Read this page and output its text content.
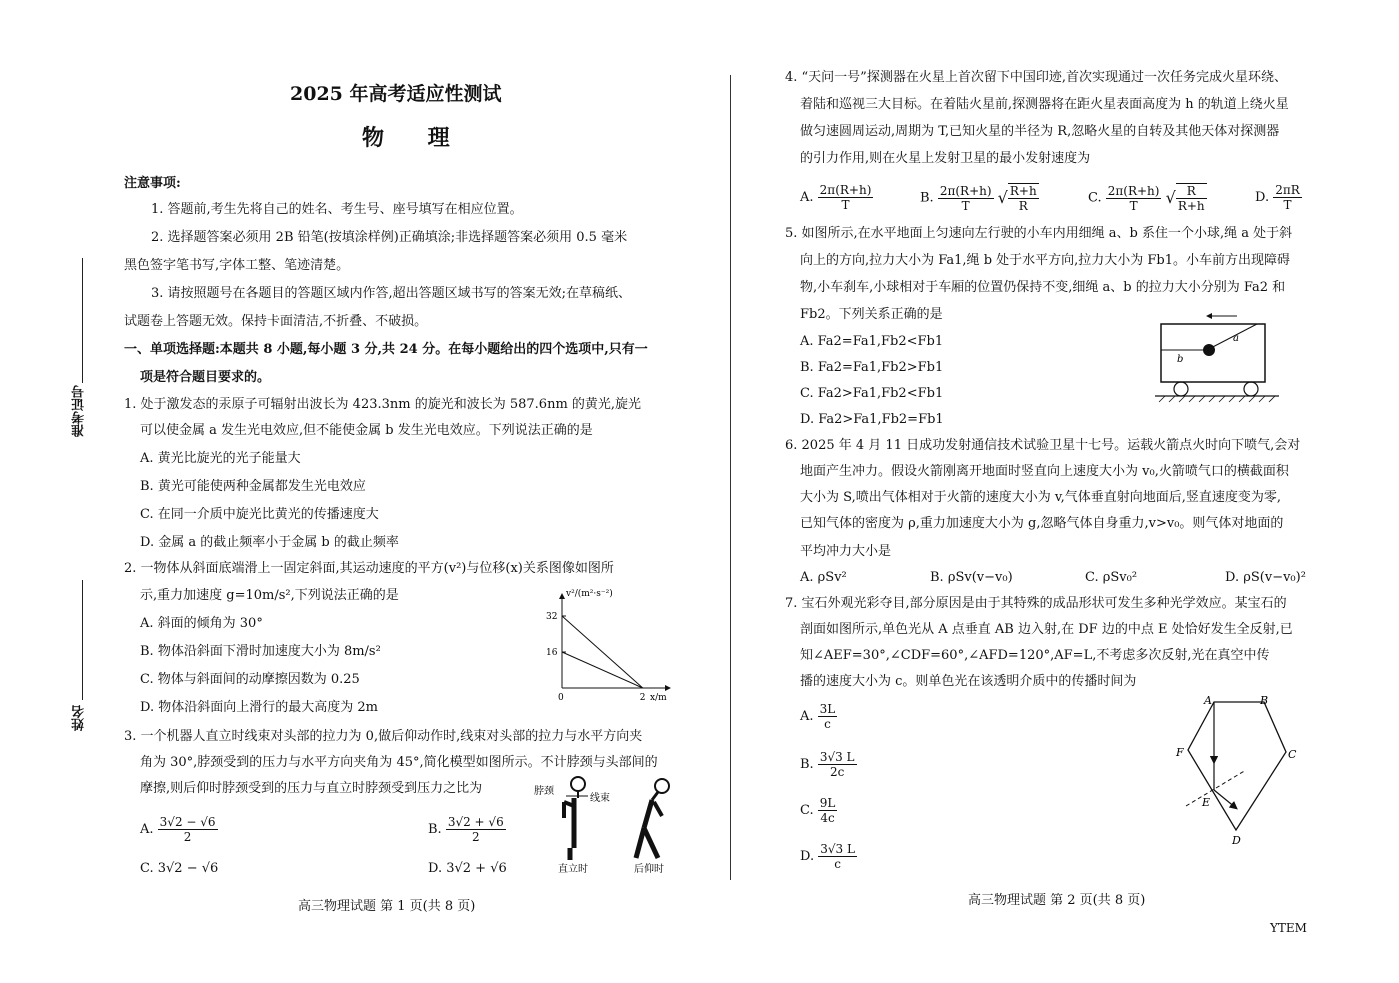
准考证号
姓名
2025 年高考适应性测试
物 理
注意事项:
1. 答题前,考生先将自己的姓名、考生号、座号填写在相应位置。
2. 选择题答案必须用 2B 铅笔(按填涂样例)正确填涂;非选择题答案必须用 0.5 毫米
黑色签字笔书写,字体工整、笔迹清楚。
3. 请按照题号在各题目的答题区域内作答,超出答题区域书写的答案无效;在草稿纸、
试题卷上答题无效。保持卡面清洁,不折叠、不破损。
一、单项选择题:本题共 8 小题,每小题 3 分,共 24 分。在每小题给出的四个选项中,只有一
项是符合题目要求的。
1. 处于激发态的汞原子可辐射出波长为 423.3nm 的旋光和波长为 587.6nm 的黄光,旋光
可以使金属 a 发生光电效应,但不能使金属 b 发生光电效应。下列说法正确的是
A. 黄光比旋光的光子能量大
B. 黄光可能使两种金属都发生光电效应
C. 在同一介质中旋光比黄光的传播速度大
D. 金属 a 的截止频率小于金属 b 的截止频率
2. 一物体从斜面底端滑上一固定斜面,其运动速度的平方(v²)与位移(x)关系图像如图所
示,重力加速度 g=10m/s²,下列说法正确的是
A. 斜面的倾角为 30°
B. 物体沿斜面下滑时加速度大小为 8m/s²
C. 物体与斜面间的动摩擦因数为 0.25
D. 物体沿斜面向上滑行的最大高度为 2m
v²/(m²·s⁻²)
x/m
0
16
32
2
3. 一个机器人直立时线束对头部的拉力为 0,做后仰动作时,线束对头部的拉力与水平方向夹
角为 30°,脖颈受到的压力与水平方向夹角为 45°,简化模型如图所示。不计脖颈与头部间的
摩擦,则后仰时脖颈受到的压力与直立时脖颈受到压力之比为
A. $\frac{3√2 - √6}{2}$	B. $\frac{3√2 + √6}{2}$
C. 3√2 − √6	D. 3√2 + √6
脖颈
线束
直立时	后仰时
高三物理试题 第 1 页(共 8 页)
4. “天问一号”探测器在火星上首次留下中国印迹,首次实现通过一次任务完成火星环绕、
着陆和巡视三大目标。在着陆火星前,探测器将在距火星表面高度为 h 的轨道上绕火星
做匀速圆周运动,周期为 T,已知火星的半径为 R,忽略火星的自转及其他天体对探测器
的引力作用,则在火星上发射卫星的最小发射速度为
A. $\frac{2\pi(R+h)}{T}$	B. $\frac{2\pi(R+h)}{T}$ √ $\frac{R+h}{R}$	C. $\frac{2\pi(R+h)}{T}$ √ $\frac{R}{R+h}$	D. $\frac{2\pi R}{T}$
5. 如图所示,在水平地面上匀速向左行驶的小车内用细绳 a、b 系住一个小球,绳 a 处于斜
向上的方向,拉力大小为 Fa1,绳 b 处于水平方向,拉力大小为 Fb1。小车前方出现障碍
物,小车刹车,小球相对于车厢的位置仍保持不变,细绳 a、b 的拉力大小分别为 Fa2 和
Fb2。下列关系正确的是
A. Fa2=Fa1,Fb2<Fb1
B. Fa2=Fa1,Fb2>Fb1
C. Fa2>Fa1,Fb2<Fb1
D. Fa2>Fa1,Fb2=Fb1
a
b
6. 2025 年 4 月 11 日成功发射通信技术试验卫星十七号。运载火箭点火时向下喷气,会对
地面产生冲力。假设火箭刚离开地面时竖直向上速度大小为 v₀,火箭喷气口的横截面积
大小为 S,喷出气体相对于火箭的速度大小为 v,气体垂直射向地面后,竖直速度变为零,
已知气体的密度为 ρ,重力加速度大小为 g,忽略气体自身重力,v>v₀。则气体对地面的
平均冲力大小是
A. ρSv²	B. ρSv(v−v₀)	C. ρSv₀²	D. ρS(v−v₀)²
7. 宝石外观光彩夺目,部分原因是由于其特殊的成品形状可发生多种光学效应。某宝石的
剖面如图所示,单色光从 A 点垂直 AB 边入射,在 DF 边的中点 E 处恰好发生全反射,已
知∠AEF=30°,∠CDF=60°,∠AFD=120°,AF=L,不考虑多次反射,光在真空中传
播的速度大小为 c。则单色光在该透明介质中的传播时间为
A. $\frac{3L}{c}$
B. $\frac{3√3 L}{2c}$
C. $\frac{9L}{4c}$
D. $\frac{3√3 L}{c}$
A	B
C
D
E
F
高三物理试题 第 2 页(共 8 页)
YTEM
